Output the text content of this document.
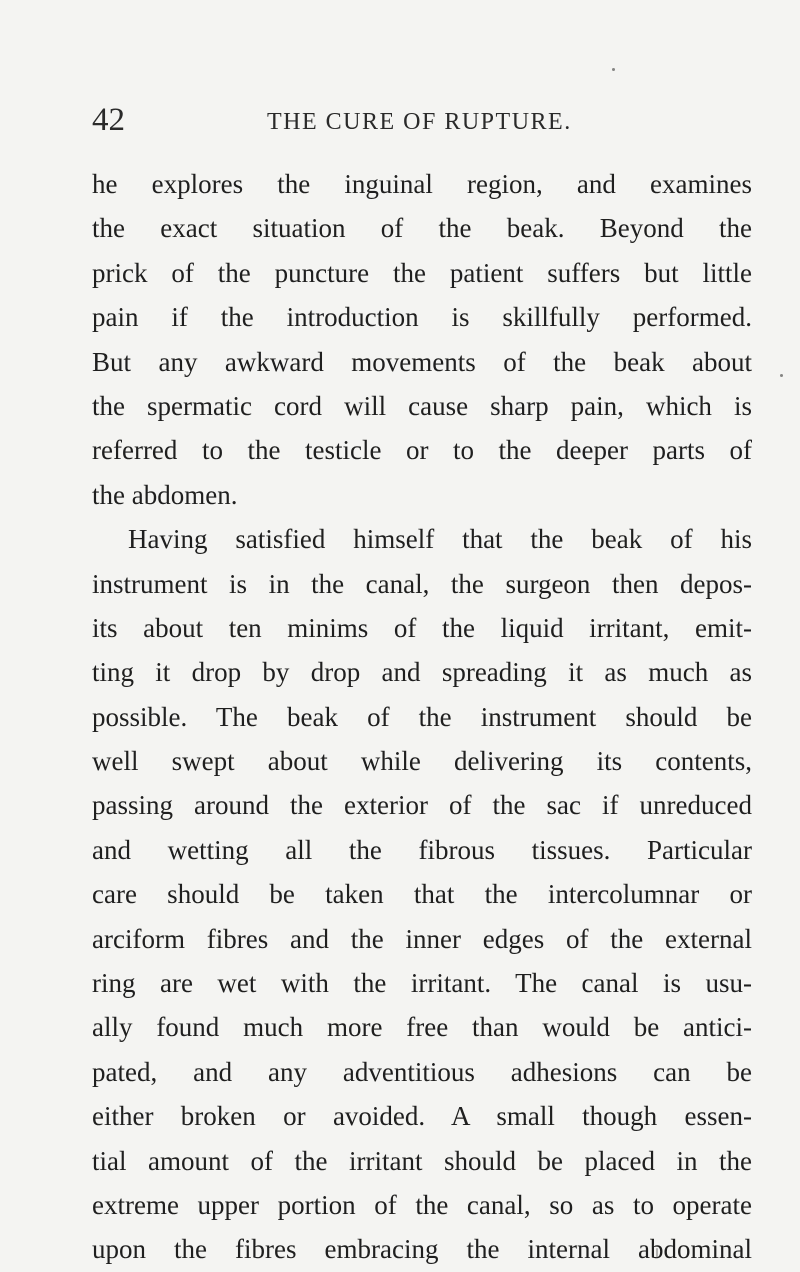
42	THE CURE OF RUPTURE.
he explores the inguinal region, and examines
the exact situation of the beak. Beyond the
prick of the puncture the patient suffers but little
pain if the introduction is skillfully performed.
But any awkward movements of the beak about
the spermatic cord will cause sharp pain, which is
referred to the testicle or to the deeper parts of
the abdomen.
Having satisfied himself that the beak of his
instrument is in the canal, the surgeon then depos-
its about ten minims of the liquid irritant, emit-
ting it drop by drop and spreading it as much as
possible. The beak of the instrument should be
well swept about while delivering its contents,
passing around the exterior of the sac if unreduced
and wetting all the fibrous tissues. Particular
care should be taken that the intercolumnar or
arciform fibres and the inner edges of the external
ring are wet with the irritant. The canal is usu-
ally found much more free than would be antici-
pated, and any adventitious adhesions can be
either broken or avoided. A small though essen-
tial amount of the irritant should be placed in the
extreme upper portion of the canal, so as to operate
upon the fibres embracing the internal abdominal
